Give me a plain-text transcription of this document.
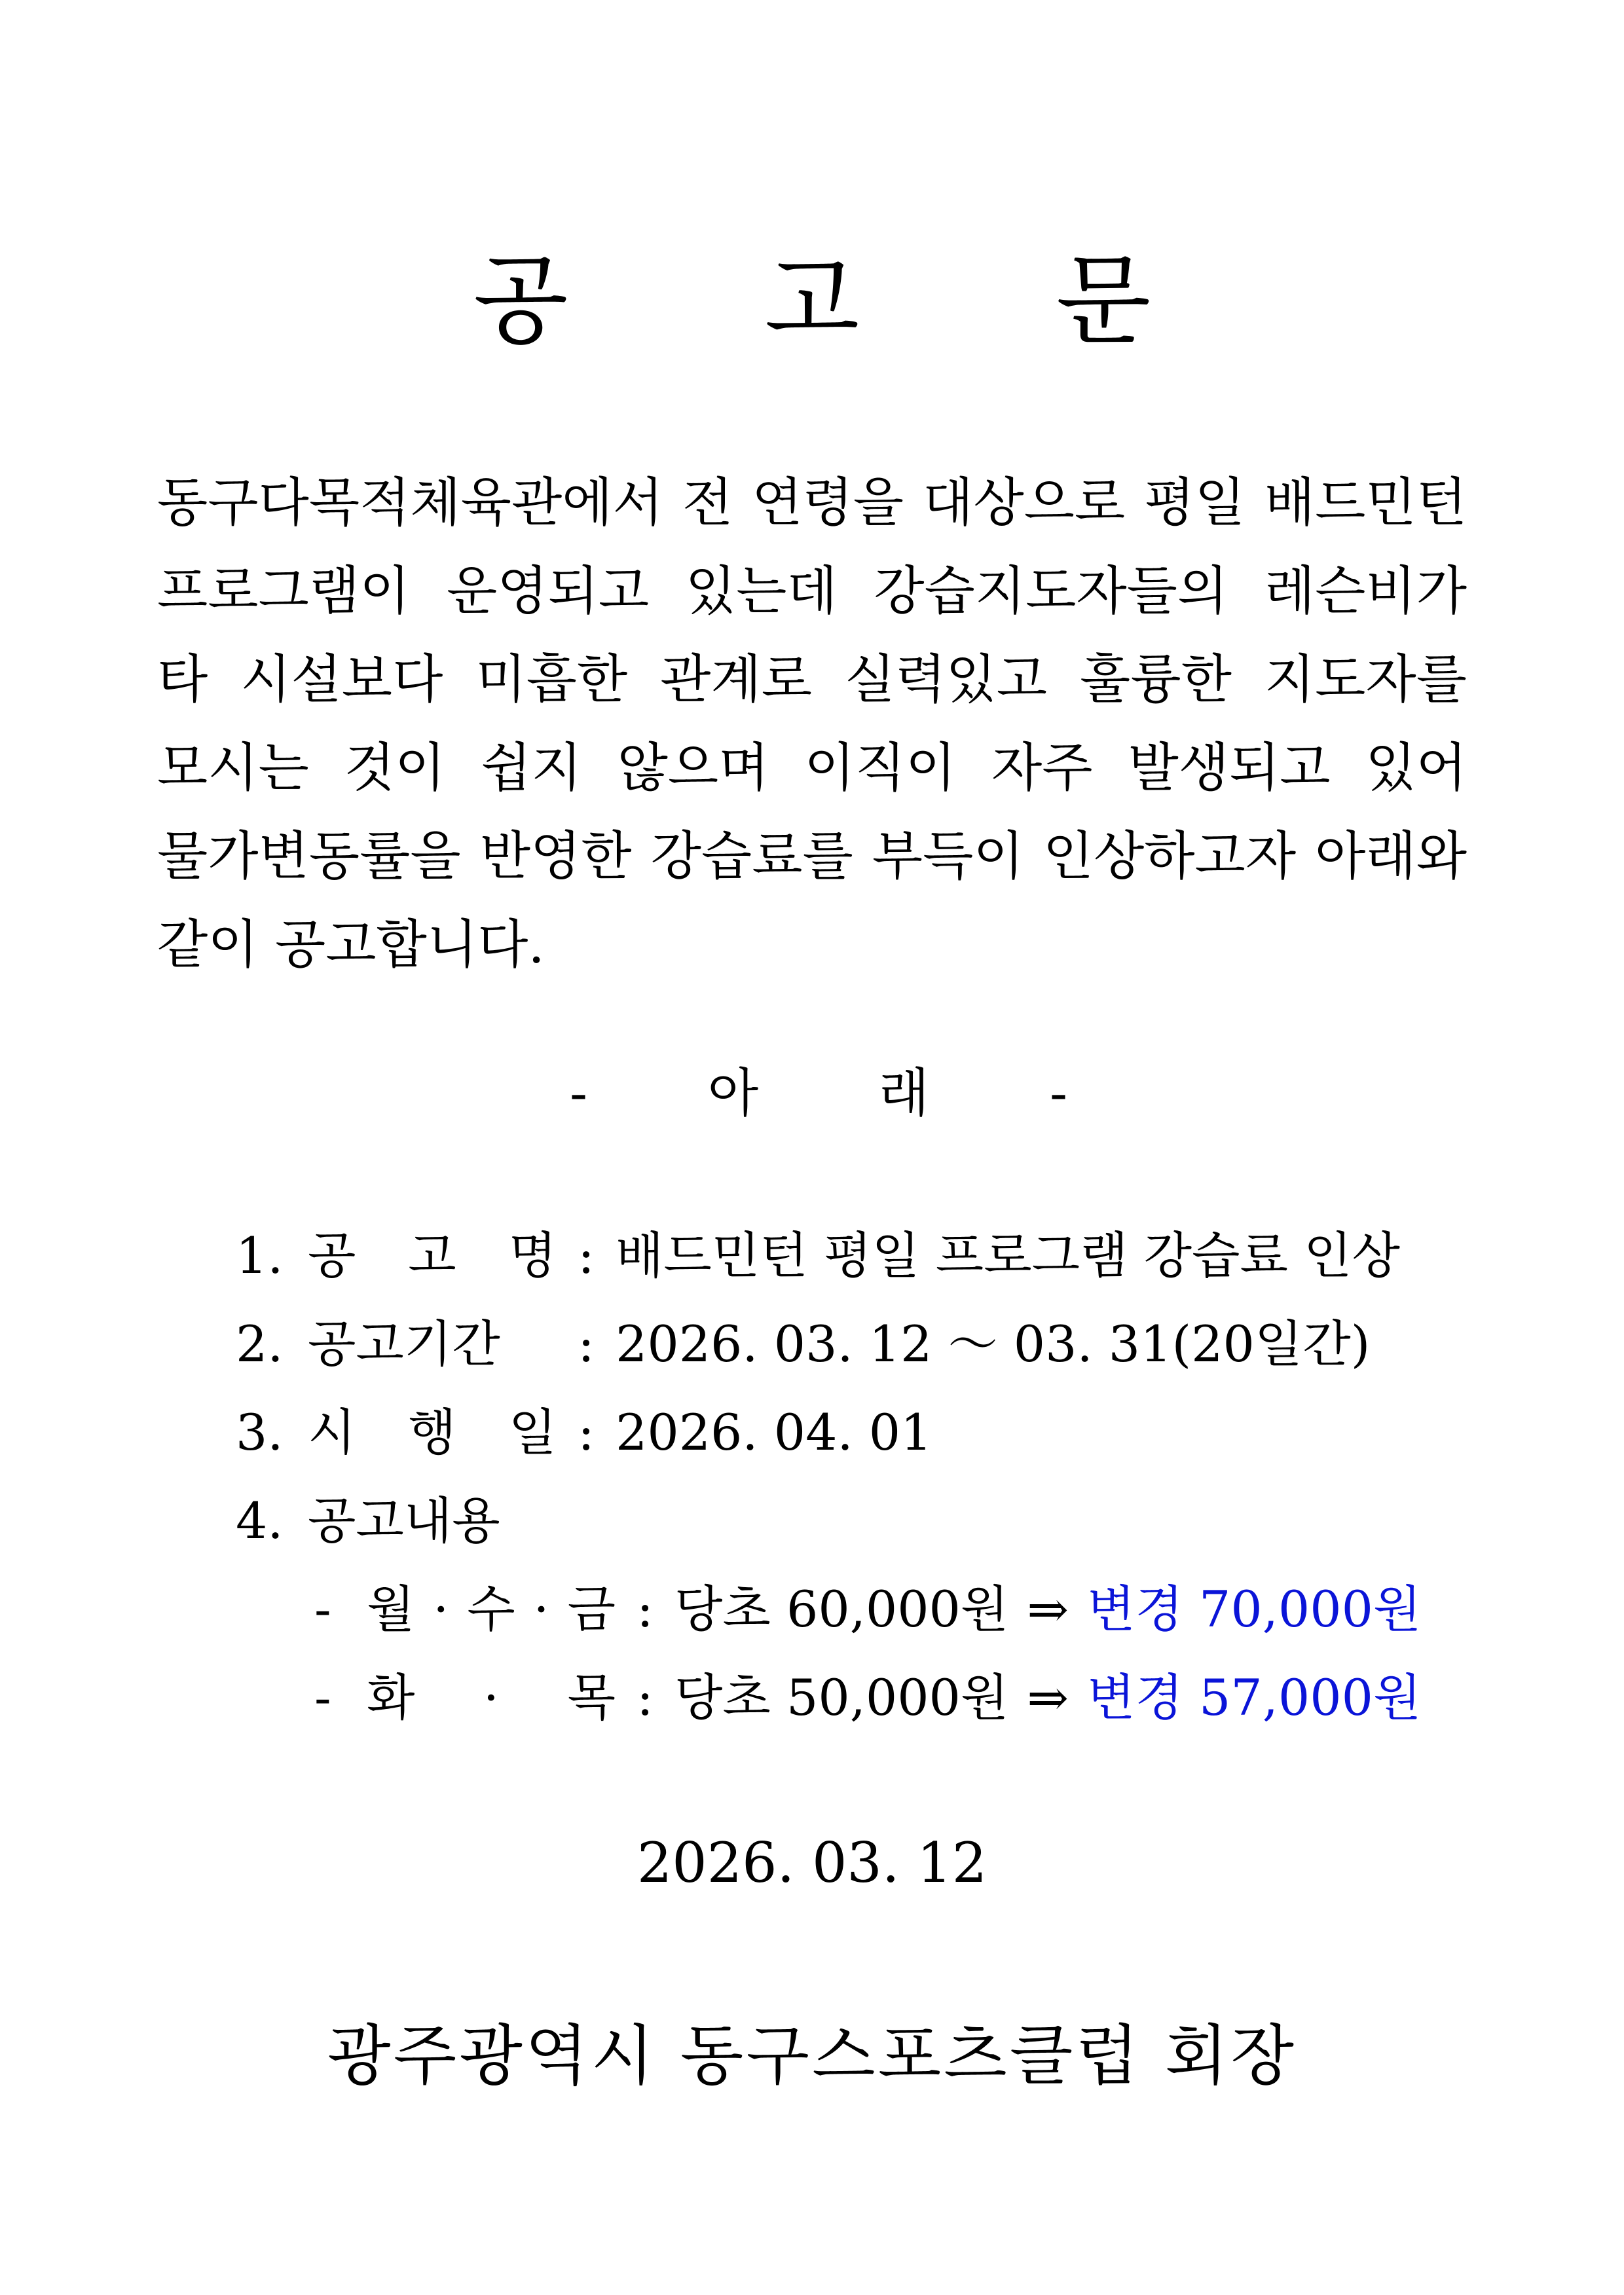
공 고 문
동구다목적체육관에서 전 연령을 대상으로 평일 배드민턴
프로그램이 운영되고 있는데 강습지도자들의 레슨비가
타 시설보다 미흡한 관계로 실력있고 훌륭한 지도자를
모시는 것이 쉽지 않으며 이직이 자주 발생되고 있어
물가변동률을 반영한 강습료를 부득이 인상하고자 아래와
같이 공고합니다.
- 아 래 -
1. 공 고 명 : 배드민턴 평일 프로그램 강습료 인상
2. 공고기간	: 2026. 03. 12 ～ 03. 31(20일간)
3. 시 행 일 : 2026. 04. 01
4. 공고내용
- 월 · 수 · 금 : 당초 60,000원 ⇒ 변경 70,000원
- 화 · 목 : 당초 50,000원 ⇒ 변경 57,000원
2026. 03. 12
광주광역시 동구스포츠클럽 회장
